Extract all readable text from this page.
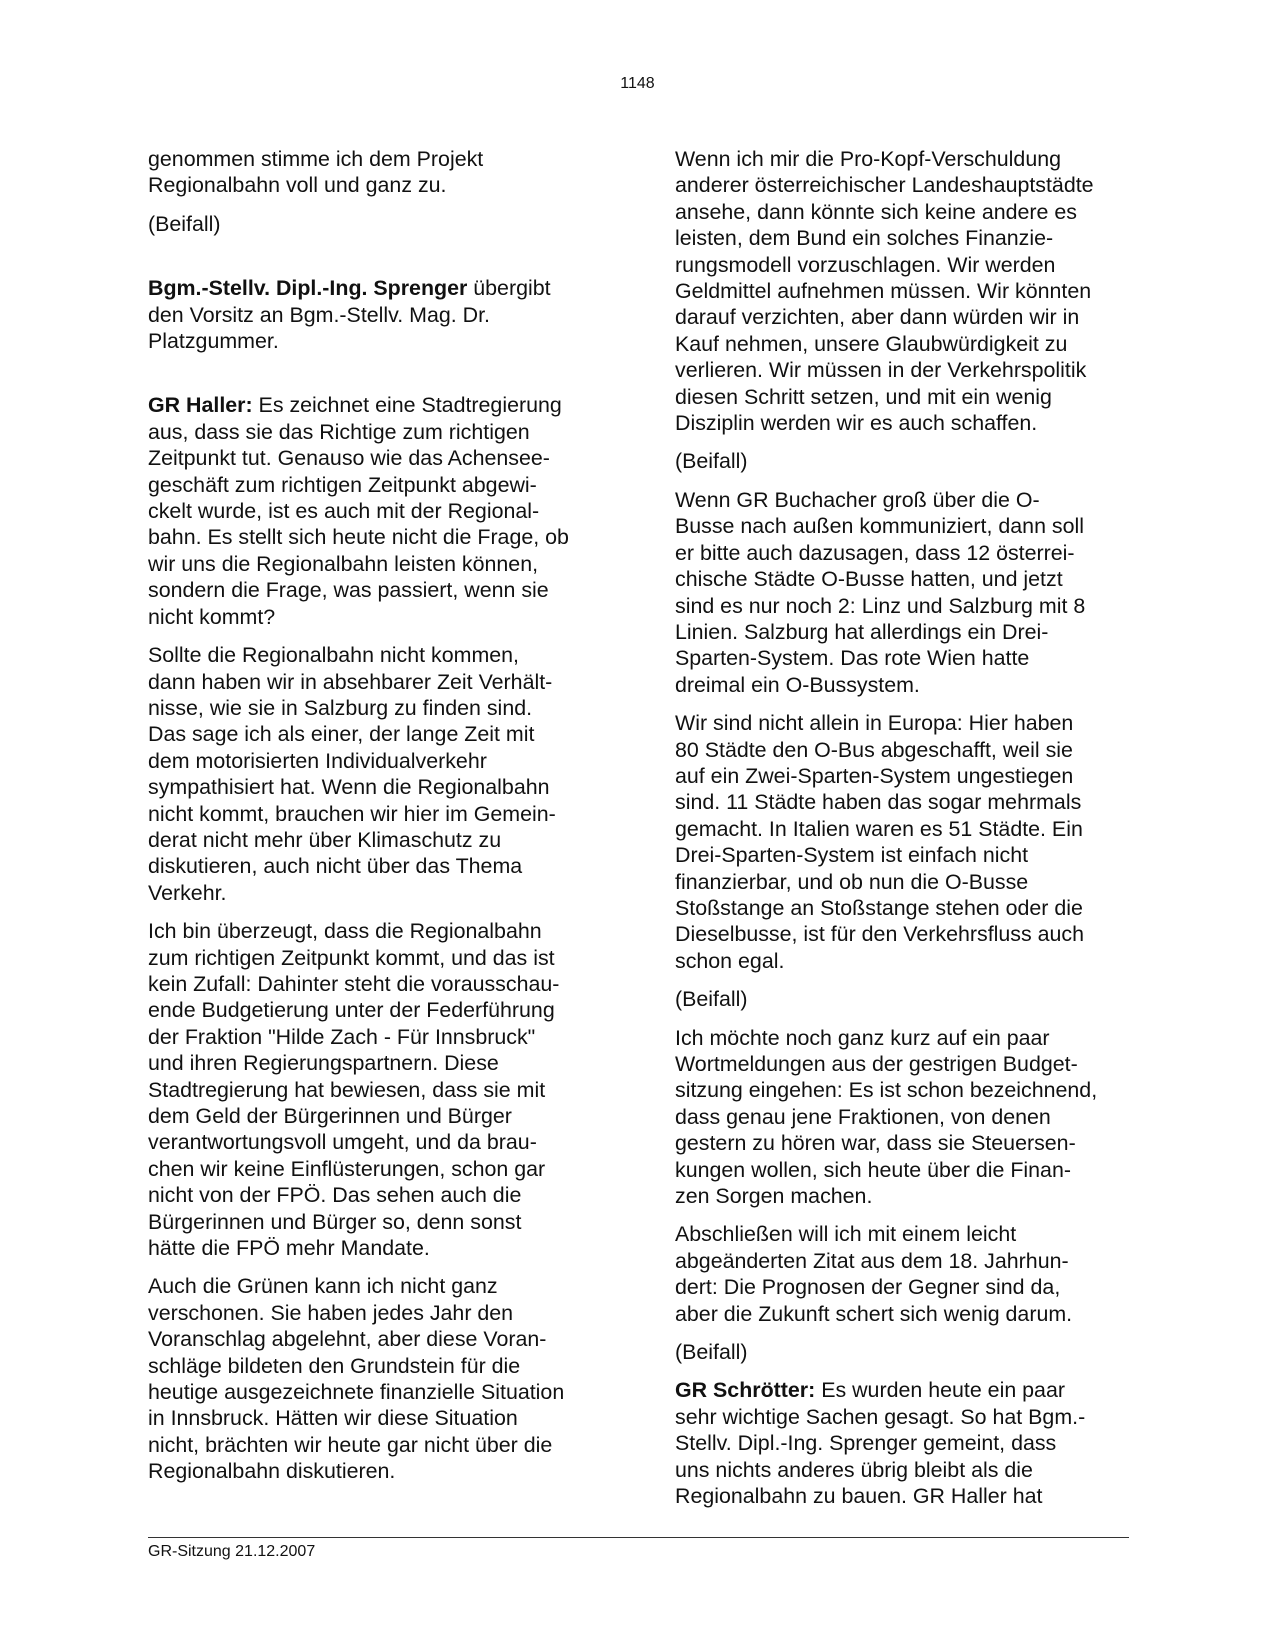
1148

genommen stimme ich dem Projekt
Regionalbahn voll und ganz zu.

(Beifall)

Bgm.-Stellv. Dipl.-Ing. Sprenger übergibt
den Vorsitz an Bgm.-Stellv. Mag. Dr.
Platzgummer.

GR Haller: Es zeichnet eine Stadtregierung
aus, dass sie das Richtige zum richtigen
Zeitpunkt tut. Genauso wie das Achensee-
geschäft zum richtigen Zeitpunkt abgewi-
ckelt wurde, ist es auch mit der Regional-
bahn. Es stellt sich heute nicht die Frage, ob
wir uns die Regionalbahn leisten können,
sondern die Frage, was passiert, wenn sie
nicht kommt?

Sollte die Regionalbahn nicht kommen,
dann haben wir in absehbarer Zeit Verhält-
nisse, wie sie in Salzburg zu finden sind.
Das sage ich als einer, der lange Zeit mit
dem motorisierten Individualverkehr
sympathisiert hat. Wenn die Regionalbahn
nicht kommt, brauchen wir hier im Gemein-
derat nicht mehr über Klimaschutz zu
diskutieren, auch nicht über das Thema
Verkehr.

Ich bin überzeugt, dass die Regionalbahn
zum richtigen Zeitpunkt kommt, und das ist
kein Zufall: Dahinter steht die vorausschau-
ende Budgetierung unter der Federführung
der Fraktion "Hilde Zach - Für Innsbruck"
und ihren Regierungspartnern. Diese
Stadtregierung hat bewiesen, dass sie mit
dem Geld der Bürgerinnen und Bürger
verantwortungsvoll umgeht, und da brau-
chen wir keine Einflüsterungen, schon gar
nicht von der FPÖ. Das sehen auch die
Bürgerinnen und Bürger so, denn sonst
hätte die FPÖ mehr Mandate.

Auch die Grünen kann ich nicht ganz
verschonen. Sie haben jedes Jahr den
Voranschlag abgelehnt, aber diese Voran-
schläge bildeten den Grundstein für die
heutige ausgezeichnete finanzielle Situation
in Innsbruck. Hätten wir diese Situation
nicht, brächten wir heute gar nicht über die
Regionalbahn diskutieren.

Wenn ich mir die Pro-Kopf-Verschuldung
anderer österreichischer Landeshauptstädte
ansehe, dann könnte sich keine andere es
leisten, dem Bund ein solches Finanzie-
rungsmodell vorzuschlagen. Wir werden
Geldmittel aufnehmen müssen. Wir könnten
darauf verzichten, aber dann würden wir in
Kauf nehmen, unsere Glaubwürdigkeit zu
verlieren. Wir müssen in der Verkehrspolitik
diesen Schritt setzen, und mit ein wenig
Disziplin werden wir es auch schaffen.

(Beifall)

Wenn GR Buchacher groß über die O-
Busse nach außen kommuniziert, dann soll
er bitte auch dazusagen, dass 12 österrei-
chische Städte O-Busse hatten, und jetzt
sind es nur noch 2: Linz und Salzburg mit 8
Linien. Salzburg hat allerdings ein Drei-
Sparten-System. Das rote Wien hatte
dreimal ein O-Bussystem.

Wir sind nicht allein in Europa: Hier haben
80 Städte den O-Bus abgeschafft, weil sie
auf ein Zwei-Sparten-System ungestiegen
sind. 11 Städte haben das sogar mehrmals
gemacht. In Italien waren es 51 Städte. Ein
Drei-Sparten-System ist einfach nicht
finanzierbar, und ob nun die O-Busse
Stoßstange an Stoßstange stehen oder die
Dieselbusse, ist für den Verkehrsfluss auch
schon egal.

(Beifall)

Ich möchte noch ganz kurz auf ein paar
Wortmeldungen aus der gestrigen Budget-
sitzung eingehen: Es ist schon bezeichnend,
dass genau jene Fraktionen, von denen
gestern zu hören war, dass sie Steuersen-
kungen wollen, sich heute über die Finan-
zen Sorgen machen.

Abschließen will ich mit einem leicht
abgeänderten Zitat aus dem 18. Jahrhun-
dert: Die Prognosen der Gegner sind da,
aber die Zukunft schert sich wenig darum.

(Beifall)

GR Schrötter: Es wurden heute ein paar
sehr wichtige Sachen gesagt. So hat Bgm.-
Stellv. Dipl.-Ing. Sprenger gemeint, dass
uns nichts anderes übrig bleibt als die
Regionalbahn zu bauen. GR Haller hat

GR-Sitzung 21.12.2007
